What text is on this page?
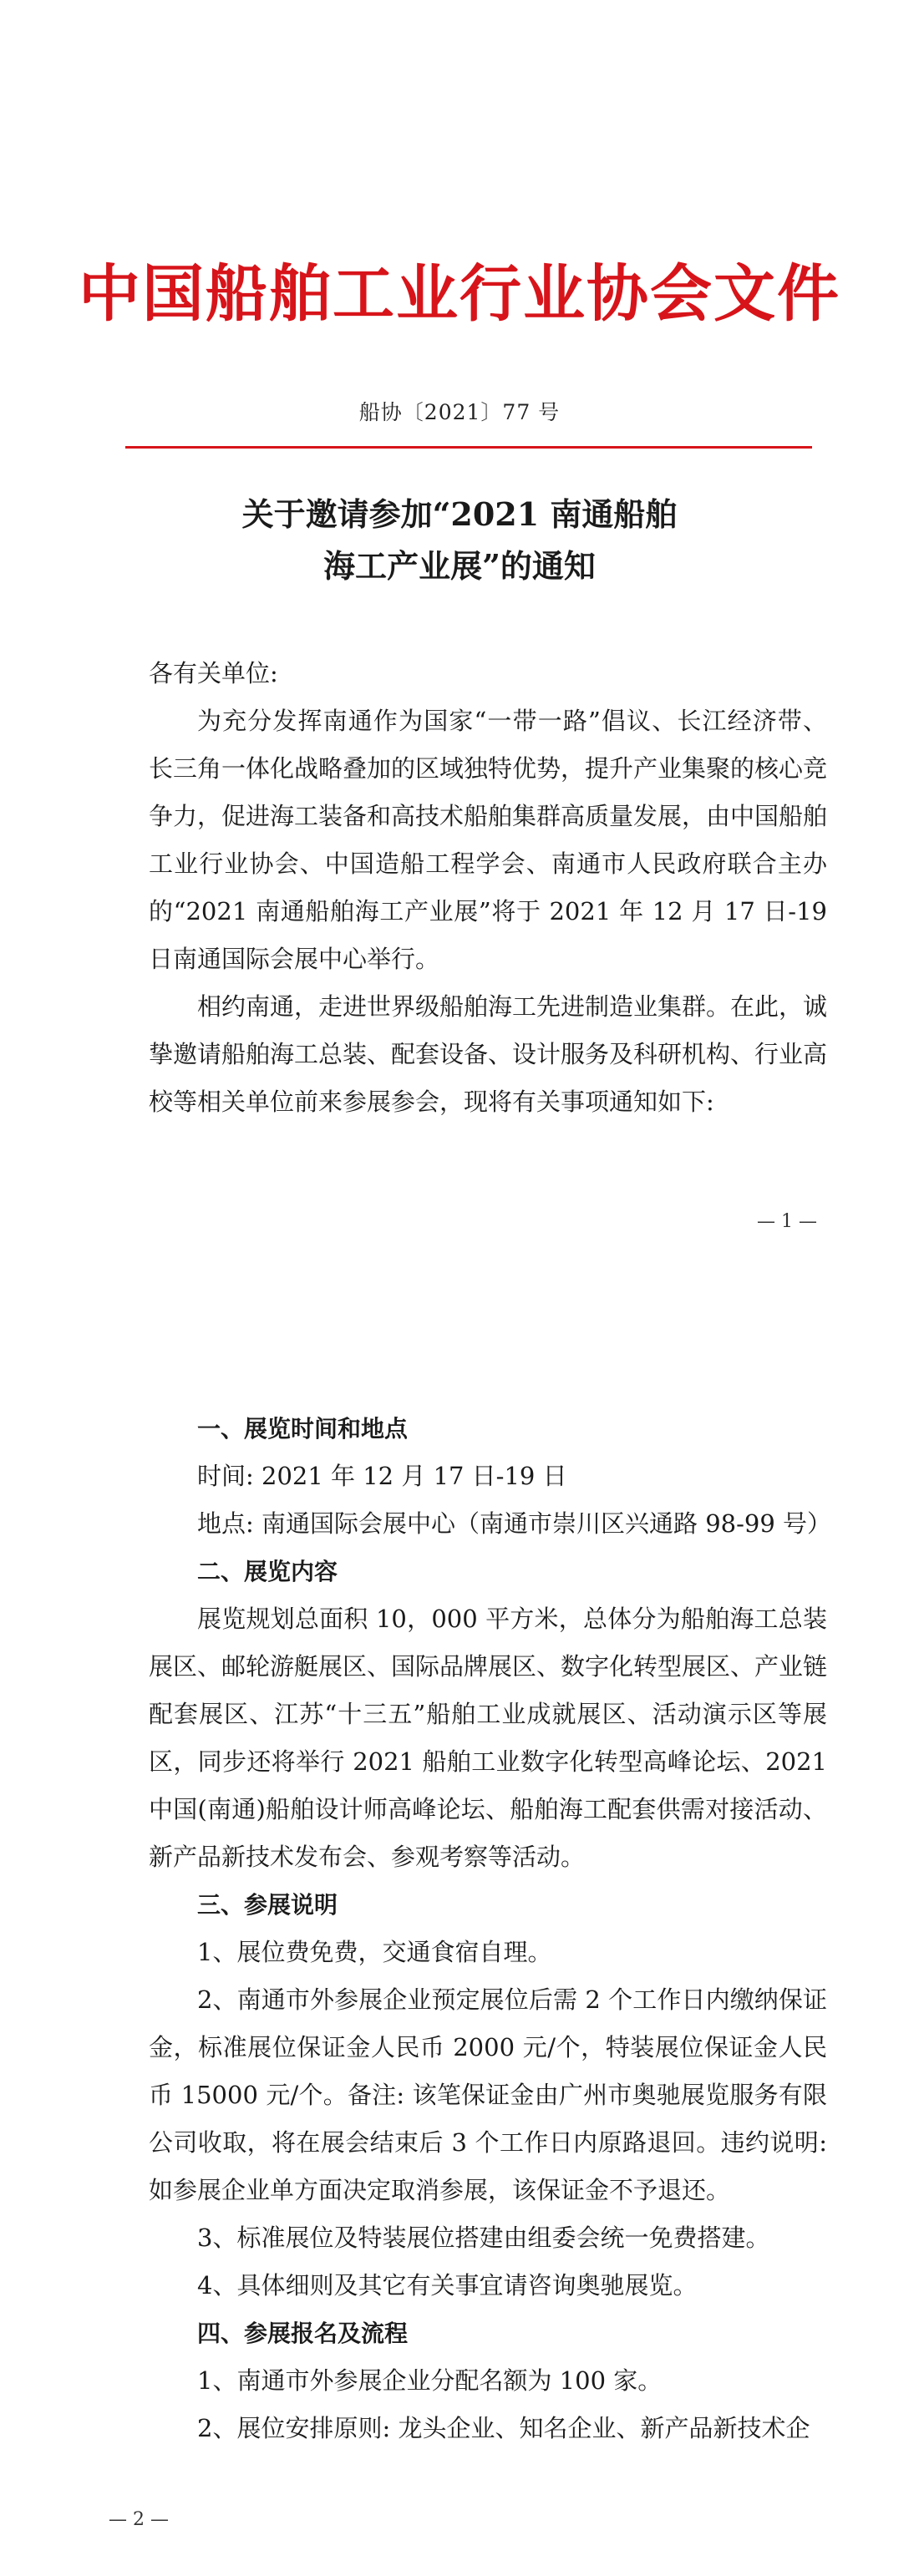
中国船舶工业行业协会文件
船协〔2021〕77 号
关于邀请参加“2021 南通船舶
海工产业展”的通知
各有关单位:

为充分发挥南通作为国家“一带一路”倡议、长江经济带、长三角一体化战略叠加的区域独特优势，提升产业集聚的核心竞争力，促进海工装备和高技术船舶集群高质量发展，由中国船舶工业行业协会、中国造船工程学会、南通市人民政府联合主办的“2021 南通船舶海工产业展”将于 2021 年 12 月 17 日-19 日南通国际会展中心举行。

相约南通，走进世界级船舶海工先进制造业集群。在此，诚挚邀请船舶海工总装、配套设备、设计服务及科研机构、行业高校等相关单位前来参展参会，现将有关事项通知如下:

— 1 —

一、展览时间和地点

时间: 2021 年 12 月 17 日-19 日

地点: 南通国际会展中心（南通市崇川区兴通路 98-99 号）

二、展览内容

展览规划总面积 10，000 平方米，总体分为船舶海工总装展区、邮轮游艇展区、国际品牌展区、数字化转型展区、产业链配套展区、江苏“十三五”船舶工业成就展区、活动演示区等展区，同步还将举行 2021 船舶工业数字化转型高峰论坛、2021 中国(南通)船舶设计师高峰论坛、船舶海工配套供需对接活动、新产品新技术发布会、参观考察等活动。

三、参展说明

1、展位费免费，交通食宿自理。

2、南通市外参展企业预定展位后需 2 个工作日内缴纳保证金，标准展位保证金人民币 2000 元/个，特装展位保证金人民币 15000 元/个。备注: 该笔保证金由广州市奥驰展览服务有限公司收取，将在展会结束后 3 个工作日内原路退回。违约说明: 如参展企业单方面决定取消参展，该保证金不予退还。

3、标准展位及特装展位搭建由组委会统一免费搭建。

4、具体细则及其它有关事宜请咨询奥驰展览。

四、参展报名及流程

1、南通市外参展企业分配名额为 100 家。

2、展位安排原则: 龙头企业、知名企业、新产品新技术企

— 2 —
